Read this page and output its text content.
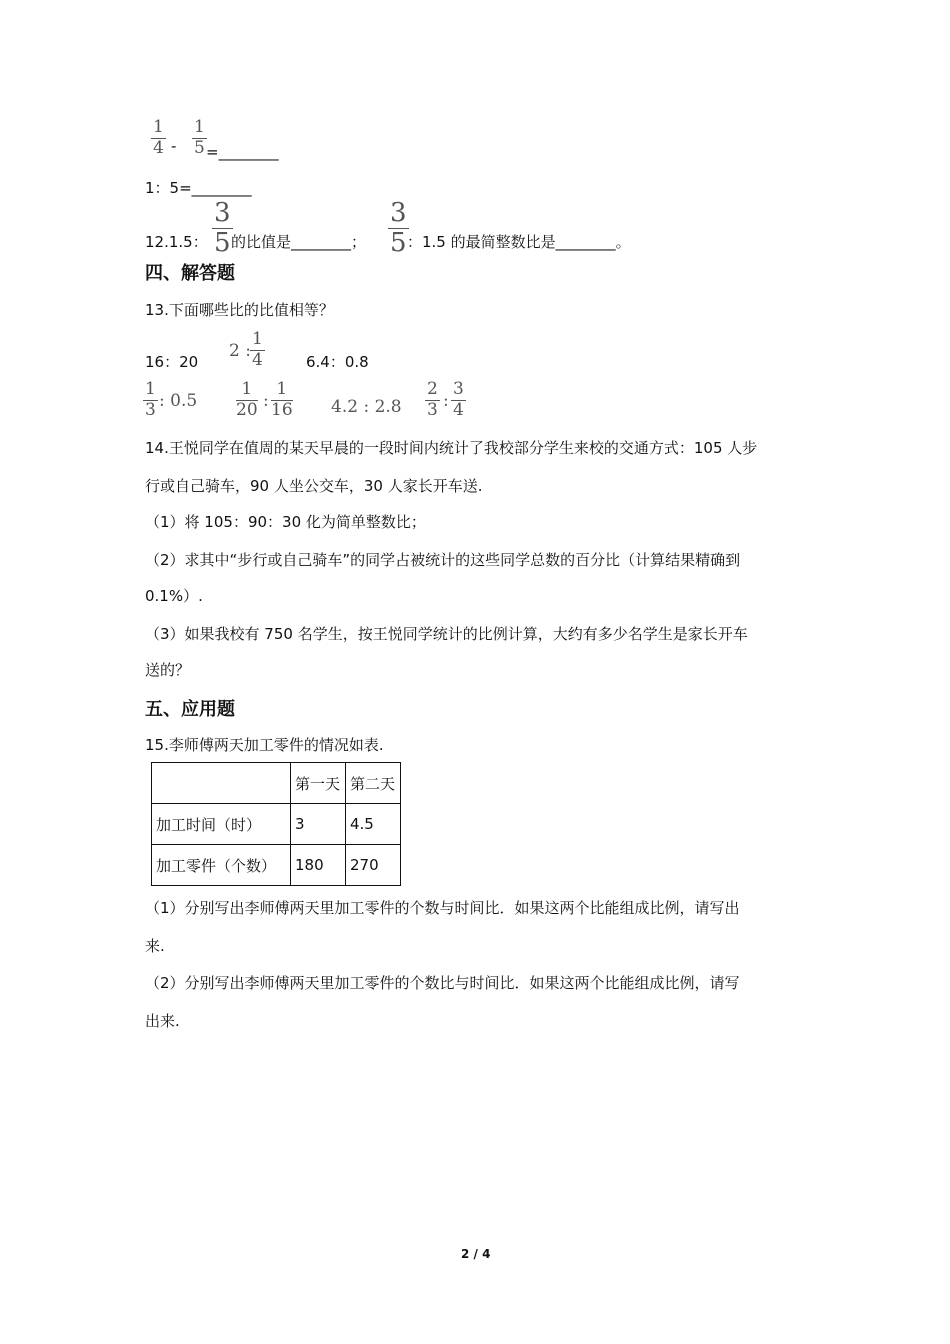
1
4 -
1
5 =________
1：5=________
12.1.5：
3
5 的比值是________；
3
5 ：1.5 的最简整数比是________。
四、解答题
13.下面哪些比的比值相等？
16：20
2 :
1
4	6.4：0.8
1
3 : 0.5
1
20 :
1
16 4.2 : 2.8
2
3 :
3
4
14.王悦同学在值周的某天早晨的一段时间内统计了我校部分学生来校的交通方式：105 人步
行或自己骑车，90 人坐公交车，30 人家长开车送.
（1）将 105：90：30 化为简单整数比；
（2）求其中“步行或自己骑车”的同学占被统计的这些同学总数的百分比（计算结果精确到
0.1%）.
（3）如果我校有 750 名学生，按王悦同学统计的比例计算，大约有多少名学生是家长开车
送的？
五、应用题
15.李师傅两天加工零件的情况如表.
	第一天	第二天
加工时间（时）	3	4.5
加工零件（个数）	180	270
（1）分别写出李师傅两天里加工零件的个数与时间比．如果这两个比能组成比例，请写出
来.
（2）分别写出李师傅两天里加工零件的个数比与时间比．如果这两个比能组成比例，请写
出来.
2 / 4
